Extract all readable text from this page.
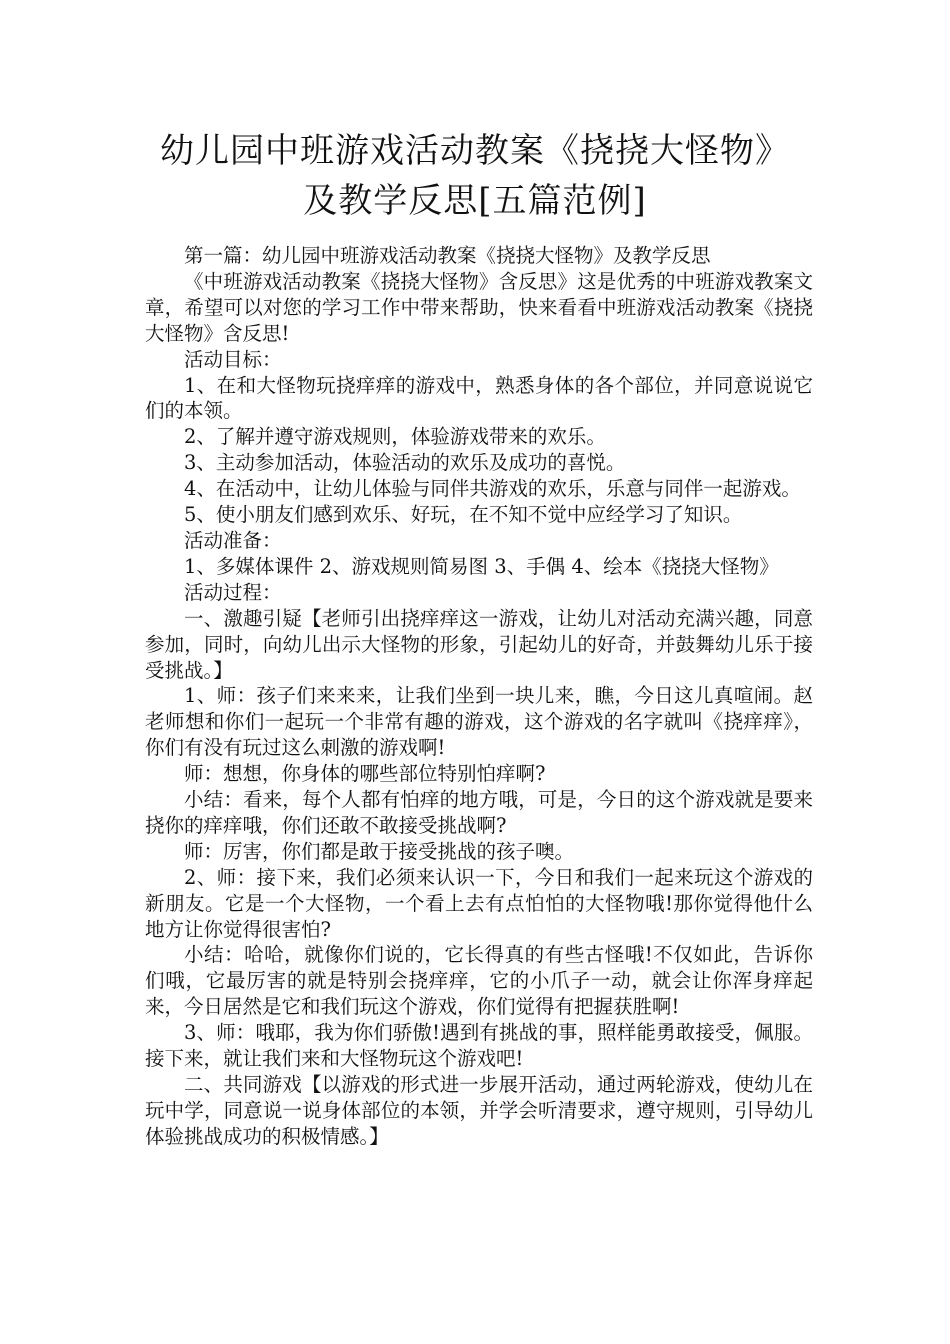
幼儿园中班游戏活动教案《挠挠大怪物》
及教学反思[五篇范例]

第一篇：幼儿园中班游戏活动教案《挠挠大怪物》及教学反思

《中班游戏活动教案《挠挠大怪物》含反思》这是优秀的中班游戏教案文章，希望可以对您的学习工作中带来帮助，快来看看中班游戏活动教案《挠挠大怪物》含反思!

活动目标：

1、在和大怪物玩挠痒痒的游戏中，熟悉身体的各个部位，并同意说说它们的本领。

2、了解并遵守游戏规则，体验游戏带来的欢乐。

3、主动参加活动，体验活动的欢乐及成功的喜悦。

4、在活动中，让幼儿体验与同伴共游戏的欢乐，乐意与同伴一起游戏。

5、使小朋友们感到欢乐、好玩，在不知不觉中应经学习了知识。

活动准备：

1、多媒体课件 2、游戏规则简易图 3、手偶 4、绘本《挠挠大怪物》

活动过程：

一、激趣引疑【老师引出挠痒痒这一游戏，让幼儿对活动充满兴趣，同意参加，同时，向幼儿出示大怪物的形象，引起幼儿的好奇，并鼓舞幼儿乐于接受挑战。】

1、师：孩子们来来来，让我们坐到一块儿来，瞧，今日这儿真喧闹。赵老师想和你们一起玩一个非常有趣的游戏，这个游戏的名字就叫《挠痒痒》，你们有没有玩过这么刺激的游戏啊!

师：想想，你身体的哪些部位特别怕痒啊?

小结：看来，每个人都有怕痒的地方哦，可是，今日的这个游戏就是要来挠你的痒痒哦，你们还敢不敢接受挑战啊?

师：厉害，你们都是敢于接受挑战的孩子噢。

2、师：接下来，我们必须来认识一下，今日和我们一起来玩这个游戏的新朋友。它是一个大怪物，一个看上去有点怕怕的大怪物哦!那你觉得他什么地方让你觉得很害怕?

小结：哈哈，就像你们说的，它长得真的有些古怪哦!不仅如此，告诉你们哦，它最厉害的就是特别会挠痒痒，它的小爪子一动，就会让你浑身痒起来，今日居然是它和我们玩这个游戏，你们觉得有把握获胜啊!

3、师：哦耶，我为你们骄傲!遇到有挑战的事，照样能勇敢接受，佩服。接下来，就让我们来和大怪物玩这个游戏吧!

二、共同游戏【以游戏的形式进一步展开活动，通过两轮游戏，使幼儿在玩中学，同意说一说身体部位的本领，并学会听清要求，遵守规则，引导幼儿体验挑战成功的积极情感。】
